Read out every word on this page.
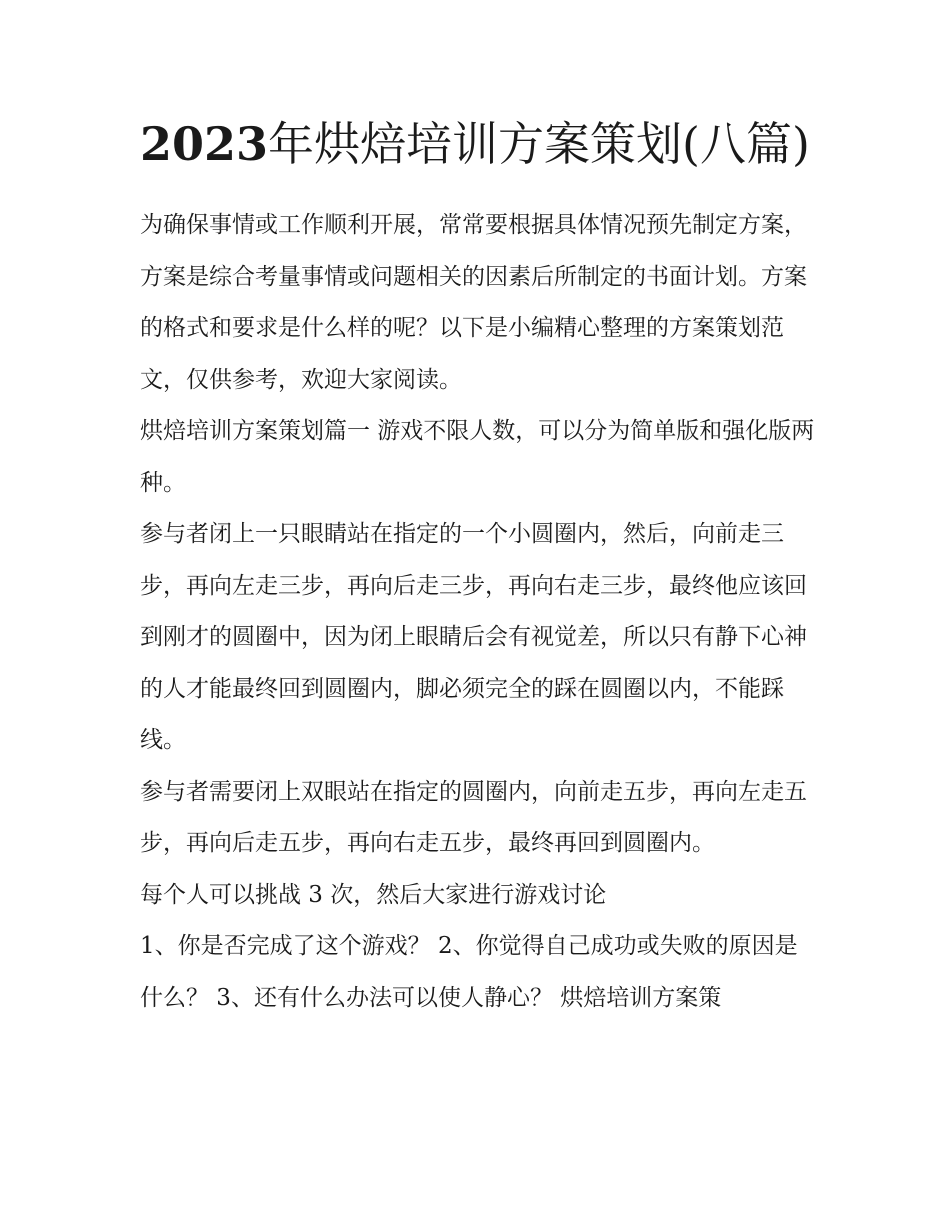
2023年烘焙培训方案策划(八篇)

为确保事情或工作顺利开展，常常要根据具体情况预先制定方案，方案是综合考量事情或问题相关的因素后所制定的书面计划。方案的格式和要求是什么样的呢？以下是小编精心整理的方案策划范文，仅供参考，欢迎大家阅读。

烘焙培训方案策划篇一 游戏不限人数，可以分为简单版和强化版两种。

参与者闭上一只眼睛站在指定的一个小圆圈内，然后，向前走三步，再向左走三步，再向后走三步，再向右走三步，最终他应该回到刚才的圆圈中，因为闭上眼睛后会有视觉差，所以只有静下心神的人才能最终回到圆圈内，脚必须完全的踩在圆圈以内，不能踩线。

参与者需要闭上双眼站在指定的圆圈内，向前走五步，再向左走五步，再向后走五步，再向右走五步，最终再回到圆圈内。

每个人可以挑战 3 次，然后大家进行游戏讨论

1、你是否完成了这个游戏？ 2、你觉得自己成功或失败的原因是什么？ 3、还有什么办法可以使人静心？ 烘焙培训方案策
